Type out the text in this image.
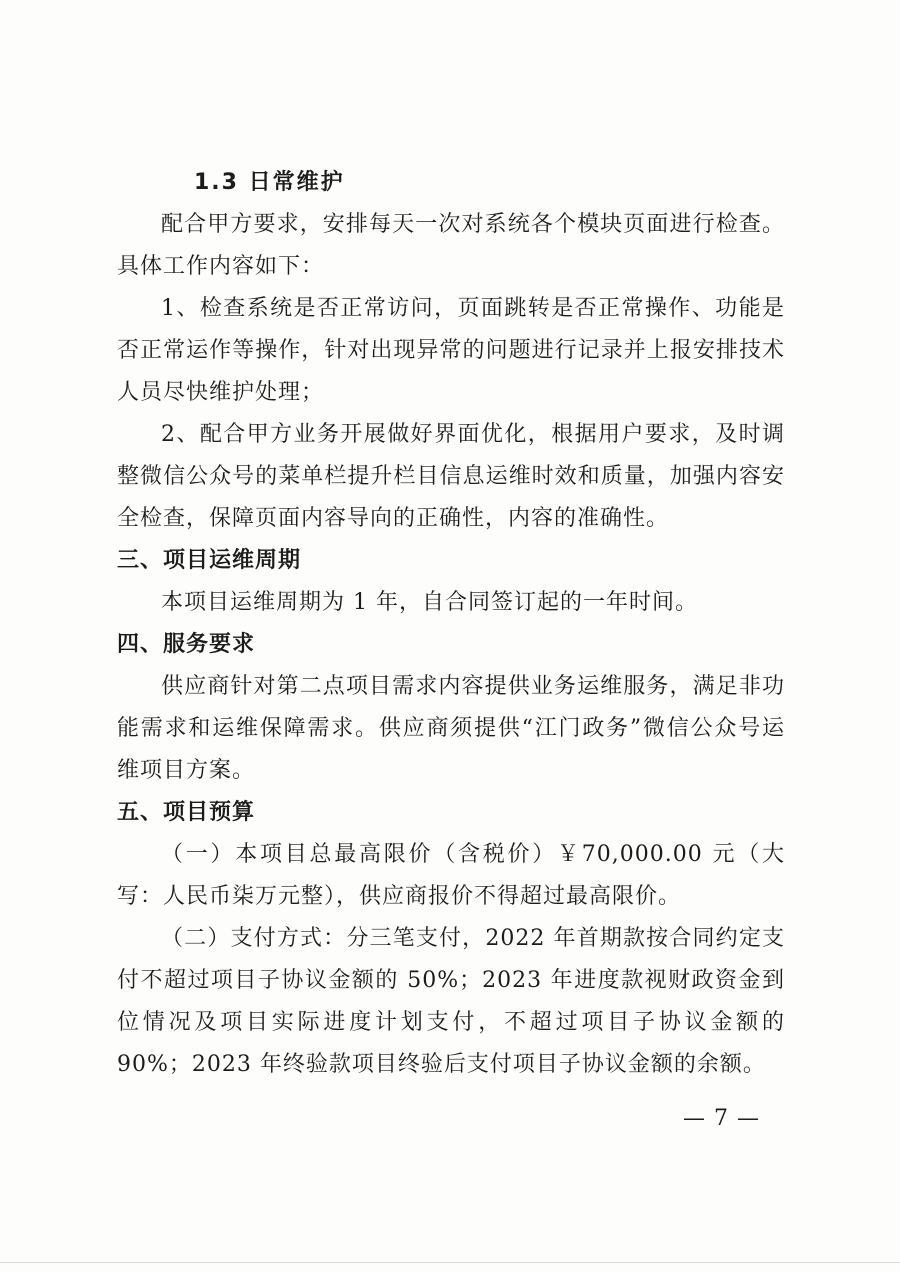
1.3 日常维护

配合甲方要求，安排每天一次对系统各个模块页面进行检查。具体工作内容如下：

1、检查系统是否正常访问，页面跳转是否正常操作、功能是否正常运作等操作，针对出现异常的问题进行记录并上报安排技术人员尽快维护处理；

2、配合甲方业务开展做好界面优化，根据用户要求，及时调整微信公众号的菜单栏提升栏目信息运维时效和质量，加强内容安全检查，保障页面内容导向的正确性，内容的准确性。

三、项目运维周期

本项目运维周期为 1 年，自合同签订起的一年时间。

四、服务要求

供应商针对第二点项目需求内容提供业务运维服务，满足非功能需求和运维保障需求。供应商须提供“江门政务”微信公众号运维项目方案。

五、项目预算

（一）本项目总最高限价（含税价）￥70,000.00 元（大写：人民币柒万元整），供应商报价不得超过最高限价。

（二）支付方式：分三笔支付，2022 年首期款按合同约定支付不超过项目子协议金额的 50%；2023 年进度款视财政资金到位情况及项目实际进度计划支付，不超过项目子协议金额的 90%；2023 年终验款项目终验后支付项目子协议金额的余额。

— 7 —
